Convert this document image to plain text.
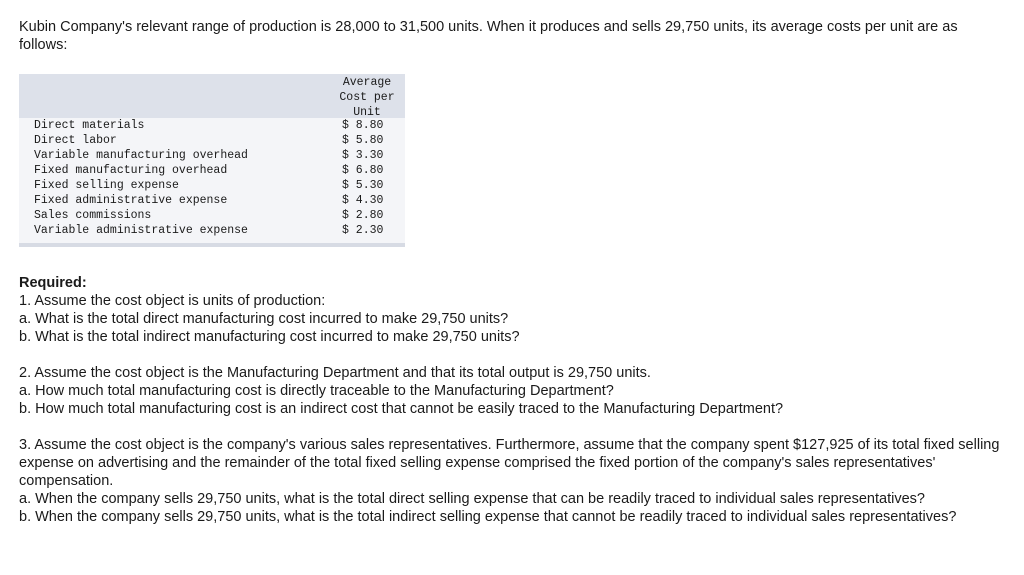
Kubin Company's relevant range of production is 28,000 to 31,500 units. When it produces and sells 29,750 units, its average costs per unit are as follows:

Average
Cost per
Unit
Direct materials	$ 8.80
Direct labor	$ 5.80
Variable manufacturing overhead	$ 3.30
Fixed manufacturing overhead	$ 6.80
Fixed selling expense	$ 5.30
Fixed administrative expense	$ 4.30
Sales commissions	$ 2.80
Variable administrative expense	$ 2.30

Required:

1. Assume the cost object is units of production:

a. What is the total direct manufacturing cost incurred to make 29,750 units?

b. What is the total indirect manufacturing cost incurred to make 29,750 units?

2. Assume the cost object is the Manufacturing Department and that its total output is 29,750 units.

a. How much total manufacturing cost is directly traceable to the Manufacturing Department?

b. How much total manufacturing cost is an indirect cost that cannot be easily traced to the Manufacturing Department?

3. Assume the cost object is the company's various sales representatives. Furthermore, assume that the company spent $127,925 of its total fixed selling expense on advertising and the remainder of the total fixed selling expense comprised the fixed portion of the company's sales representatives' compensation.

a. When the company sells 29,750 units, what is the total direct selling expense that can be readily traced to individual sales representatives?

b. When the company sells 29,750 units, what is the total indirect selling expense that cannot be readily traced to individual sales representatives?
